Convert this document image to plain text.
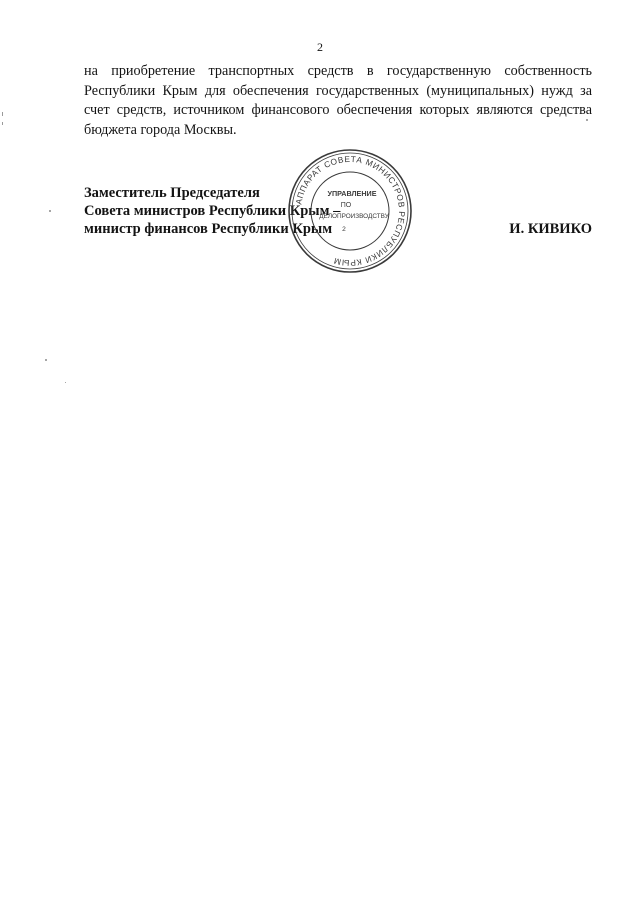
2

на приобретение транспортных средств в государственную собственность Республики Крым для обеспечения государственных (муниципальных) нужд за счет средств, источником финансового обеспечения которых являются средства бюджета города Москвы.

Заместитель Председателя
Совета министров Республики Крым –
министр финансов Республики Крым	И. КИВИКО
АППАРАТ СОВЕТА МИНИСТРОВ РЕСПУБЛИКИ КРЫМ
УПРАВЛЕНИЕ
ПО
ДЕЛОПРОИЗВОДСТВУ
2
